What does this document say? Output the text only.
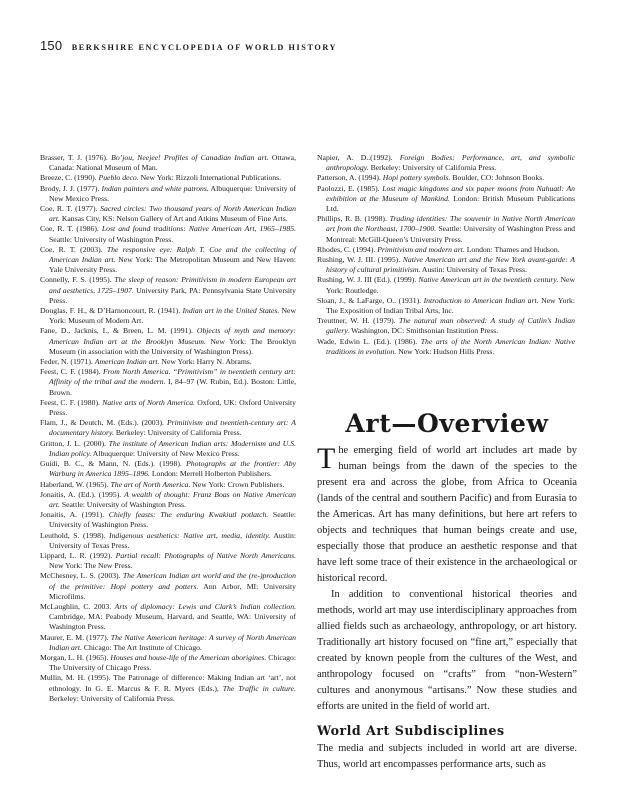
150 BERKSHIRE ENCYCLOPEDIA OF WORLD HISTORY

Brasser, T. J. (1976). Bo’jou, Neejee! Profiles of Canadian Indian art. Ottawa, Canada: National Museum of Man.

Breeze, C. (1990). Pueblo deco. New York: Rizzoli International Publications.

Brody, J. J. (1977). Indian painters and white patrons. Albuquerque: University of New Mexico Press.

Coe, R. T. (1977). Sacred circles: Two thousand years of North American Indian art. Kansas City, KS: Nelson Gallery of Art and Atkins Museum of Fine Arts.

Coe, R. T. (1986). Lost and found traditions: Native American Art, 1965–1985. Seattle: University of Washington Press.

Coe, R. T. (2003). The responsive eye: Ralph T. Coe and the collecting of American Indian art. New York: The Metropolitan Museum and New Haven: Yale University Press.

Connelly, F. S. (1995). The sleep of reason: Primitivism in modern European art and aesthetics, 1725–1907. University Park, PA: Pennsylvania State University Press.

Douglas, F. H., & D’Harnoncourt, R. (1941). Indian art in the United States. New York: Museum of Modern Art.

Fane, D., Jacknis, I., & Breen, L. M. (1991). Objects of myth and memory: American Indian art at the Brooklyn Museum. New York: The Brooklyn Museum (in association with the University of Washington Press).

Feder, N. (1971). American Indian art. New York: Harry N. Abrams.

Feest, C. F. (1984). From North America. “Primitivism” in twentieth century art: Affinity of the tribal and the modern. I, 84–97 (W. Rubin, Ed.). Boston: Little, Brown.

Feest, C. F. (1980). Native arts of North America. Oxford, UK: Oxford University Press.

Flam, J., & Deutch, M. (Eds.). (2003). Primitivism and twentieth-century art: A documentary history. Berkeley: University of California Press.

Gritton, J. L. (2000). The institute of American Indian arts: Modernism and U.S. Indian policy. Albuquerque: University of New Mexico Press.

Guidi, B. C., & Mann, N. (Eds.). (1998). Photographs at the frontier: Aby Warburg in America 1895–1896. London: Merrell Holberton Publishers.

Haberland, W. (1965). The art of North America. New York: Crown Publishers.

Jonaitis, A. (Ed.). (1995). A wealth of thought: Franz Boas on Native American art. Seattle: University of Washington Press.

Jonaitis, A. (1991). Chiefly feasts: The enduring Kwakiutl potlatch. Seattle: University of Washington Press.

Leuthold, S. (1998). Indigenous aesthetics: Native art, media, identity. Austin: University of Texas Press.

Lippard, L. R. (1992). Partial recall: Photographs of Native North Americans. New York: The New Press.

McChesney, L. S. (2003). The American Indian art world and the (re-)production of the primitive: Hopi pottery and potters. Ann Arbor, MI: University Microfilms.

McLaughlin, C. 2003. Arts of diplomacy: Lewis and Clark’s Indian collection. Cambridge, MA: Peabody Museum, Harvard, and Seattle, WA: University of Washington Press.

Maurer, E. M. (1977). The Native American heritage: A survey of North American Indian art. Chicago: The Art Institute of Chicago.

Morgan, L. H. (1965). Houses and house-life of the American aborigines. Chicago: The University of Chicago Press.

Mullin, M. H. (1995). The Patronage of difference: Making Indian art ‘art’, not ethnology. In G. E. Marcus & F. R. Myers (Eds.), The Traffic in culture. Berkeley: University of California Press.

Napier, A. D..(1992). Foreign Bodies: Performance, art, and symbolic anthropology. Berkeley: University of California Press.

Patterson, A. (1994). Hopi pottery symbols. Boulder, CO: Johnson Books.

Paolozzi, E. (1985). Lost magic kingdoms and six paper moons from Nahuatl: An exhibition at the Museum of Mankind. London: British Museum Publications Ltd.

Phillips, R. B. (1998). Trading identities: The souvenir in Native North American art from the Northeast, 1700–1900. Seattle: University of Washington Press and Montreal: McGill-Queen’s University Press.

Rhodes, C. (1994). Primitivism and modern art. London: Thames and Hudson.

Rushing, W. J. III. (1995). Native American art and the New York avant-garde: A history of cultural primitivism. Austin: University of Texas Press.

Rushing, W. J. III (Ed.). (1999). Native American art in the twentieth century. New York: Routledge.

Sloan, J., & LaFarge, O.. (1931). Introduction to American Indian art. New York: The Exposition of Indian Tribal Arts, Inc.

Treuttner, W. H. (1979). The natural man observed: A study of Catlin’s Indian gallery. Washington, DC: Smithsonian Institution Press.

Wade, Edwin L. (Ed.). (1986). The arts of the North American Indian: Native traditions in evolution. New York: Hudson Hills Press.

Art—Overview

The emerging field of world art includes art made by human beings from the dawn of the species to the present era and across the globe, from Africa to Oceania (lands of the central and southern Pacific) and from Eurasia to the Americas. Art has many definitions, but here art refers to objects and techniques that human beings create and use, especially those that produce an aesthetic response and that have left some trace of their existence in the archaeological or historical record.

In addition to conventional historical theories and methods, world art may use interdisciplinary approaches from allied fields such as archaeology, anthropology, or art history. Traditionally art history focused on “fine art,” especially that created by known people from the cultures of the West, and anthropology focused on “crafts” from “non-Western” cultures and anonymous “artisans.” Now these studies and efforts are united in the field of world art.

World Art Subdisciplines

The media and subjects included in world art are diverse. Thus, world art encompasses performance arts, such as
